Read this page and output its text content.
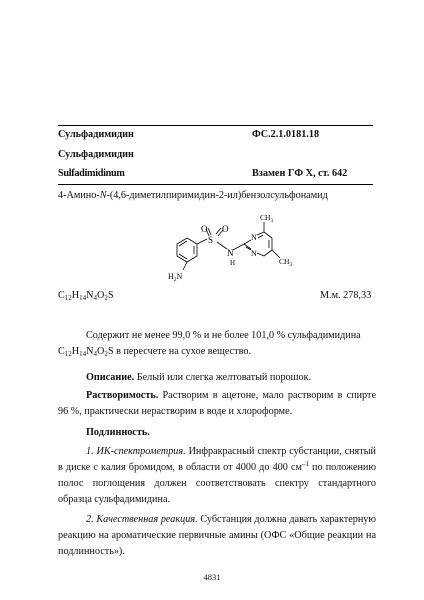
Сульфадимидин	ФС.2.1.0181.18
Сульфадимидин
Sulfadimidinum	Взамен ГФ X, ст. 642
4-Амино-N-(4,6-диметилпиримидин-2-ил)бензолсульфонамид
O
S
O
N
H
N
N
$CH_3$
$CH_3$
$H_2N$
$C_{12}H_{14}N_4O_2S$	М.м. 278,33

Содержит не менее 99,0 % и не более 101,0 % сульфадимидина
$C_{12}H_{14}N_4O_2S$ в пересчете на сухое вещество.

Описание. Белый или слегка желтоватый порошок.

Растворимость. Растворим в ацетоне, мало растворим в спирте 96 %, практически нерастворим в воде и хлороформе.

Подлинность.

1. ИК-спектрометрия. Инфракрасный спектр субстанции, снятый в диске с калия бромидом, в области от 4000 до 400 $см^{-1}$ по положению полос поглощения должен соответствовать спектру стандартного образца сульфадимидина.

2. Качественная реакция. Субстанция должна давать характерную реакцию на ароматические первичные амины (ОФС «Общие реакции на подлинность»).

4831
